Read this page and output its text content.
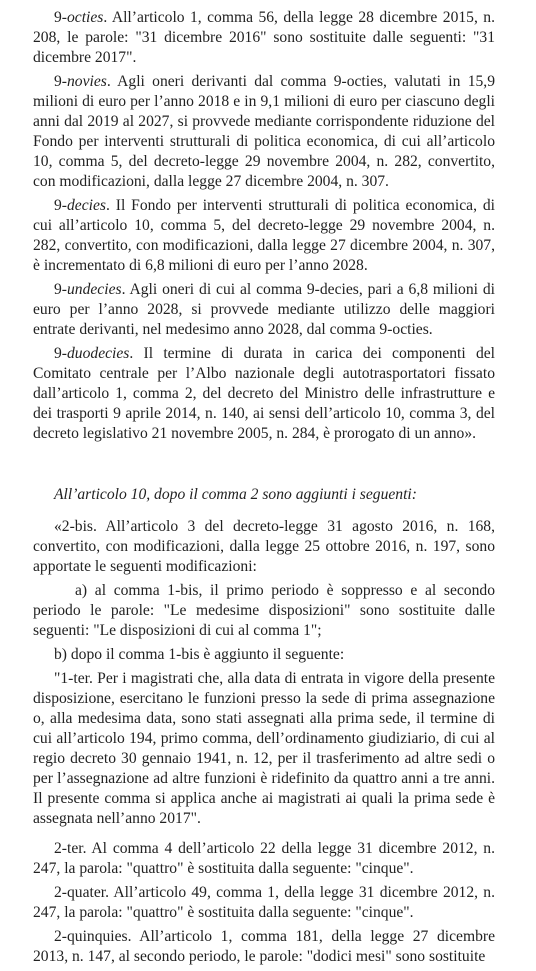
9-octies. All’articolo 1, comma 56, della legge 28 dicembre 2015, n. 208, le parole: "31 dicembre 2016" sono sostituite dalle seguenti: "31 dicembre 2017".

9-novies. Agli oneri derivanti dal comma 9-octies, valutati in 15,9 milioni di euro per l’anno 2018 e in 9,1 milioni di euro per ciascuno degli anni dal 2019 al 2027, si provvede mediante corrispondente riduzione del Fondo per interventi strutturali di politica economica, di cui all’articolo 10, comma 5, del decreto-legge 29 novembre 2004, n. 282, convertito, con modificazioni, dalla legge 27 dicembre 2004, n. 307.

9-decies. Il Fondo per interventi strutturali di politica economica, di cui all’articolo 10, comma 5, del decreto-legge 29 novembre 2004, n. 282, convertito, con modificazioni, dalla legge 27 dicembre 2004, n. 307, è incrementato di 6,8 milioni di euro per l’anno 2028.

9-undecies. Agli oneri di cui al comma 9-decies, pari a 6,8 milioni di euro per l’anno 2028, si provvede mediante utilizzo delle maggiori entrate derivanti, nel medesimo anno 2028, dal comma 9-octies.

9-duodecies. Il termine di durata in carica dei componenti del Comitato centrale per l’Albo nazionale degli autotrasportatori fissato dall’articolo 1, comma 2, del decreto del Ministro delle infrastrutture e dei trasporti 9 aprile 2014, n. 140, ai sensi dell’articolo 10, comma 3, del decreto legislativo 21 novembre 2005, n. 284, è prorogato di un anno».

All’articolo 10, dopo il comma 2 sono aggiunti i seguenti:

«2-bis. All’articolo 3 del decreto-legge 31 agosto 2016, n. 168, convertito, con modificazioni, dalla legge 25 ottobre 2016, n. 197, sono apportate le seguenti modificazioni:

a) al comma 1-bis, il primo periodo è soppresso e al secondo periodo le parole: "Le medesime disposizioni" sono sostituite dalle seguenti: "Le disposizioni di cui al comma 1";

b) dopo il comma 1-bis è aggiunto il seguente:

"1-ter. Per i magistrati che, alla data di entrata in vigore della presente disposizione, esercitano le funzioni presso la sede di prima assegnazione o, alla medesima data, sono stati assegnati alla prima sede, il termine di cui all’articolo 194, primo comma, dell’ordinamento giudiziario, di cui al regio decreto 30 gennaio 1941, n. 12, per il trasferimento ad altre sedi o per l’assegnazione ad altre funzioni è ridefinito da quattro anni a tre anni. Il presente comma si applica anche ai magistrati ai quali la prima sede è assegnata nell’anno 2017".

2-ter. Al comma 4 dell’articolo 22 della legge 31 dicembre 2012, n. 247, la parola: "quattro" è sostituita dalla seguente: "cinque".

2-quater. All’articolo 49, comma 1, della legge 31 dicembre 2012, n. 247, la parola: "quattro" è sostituita dalla seguente: "cinque".

2-quinquies. All’articolo 1, comma 181, della legge 27 dicembre 2013, n. 147, al secondo periodo, le parole: "dodici mesi" sono sostituite
